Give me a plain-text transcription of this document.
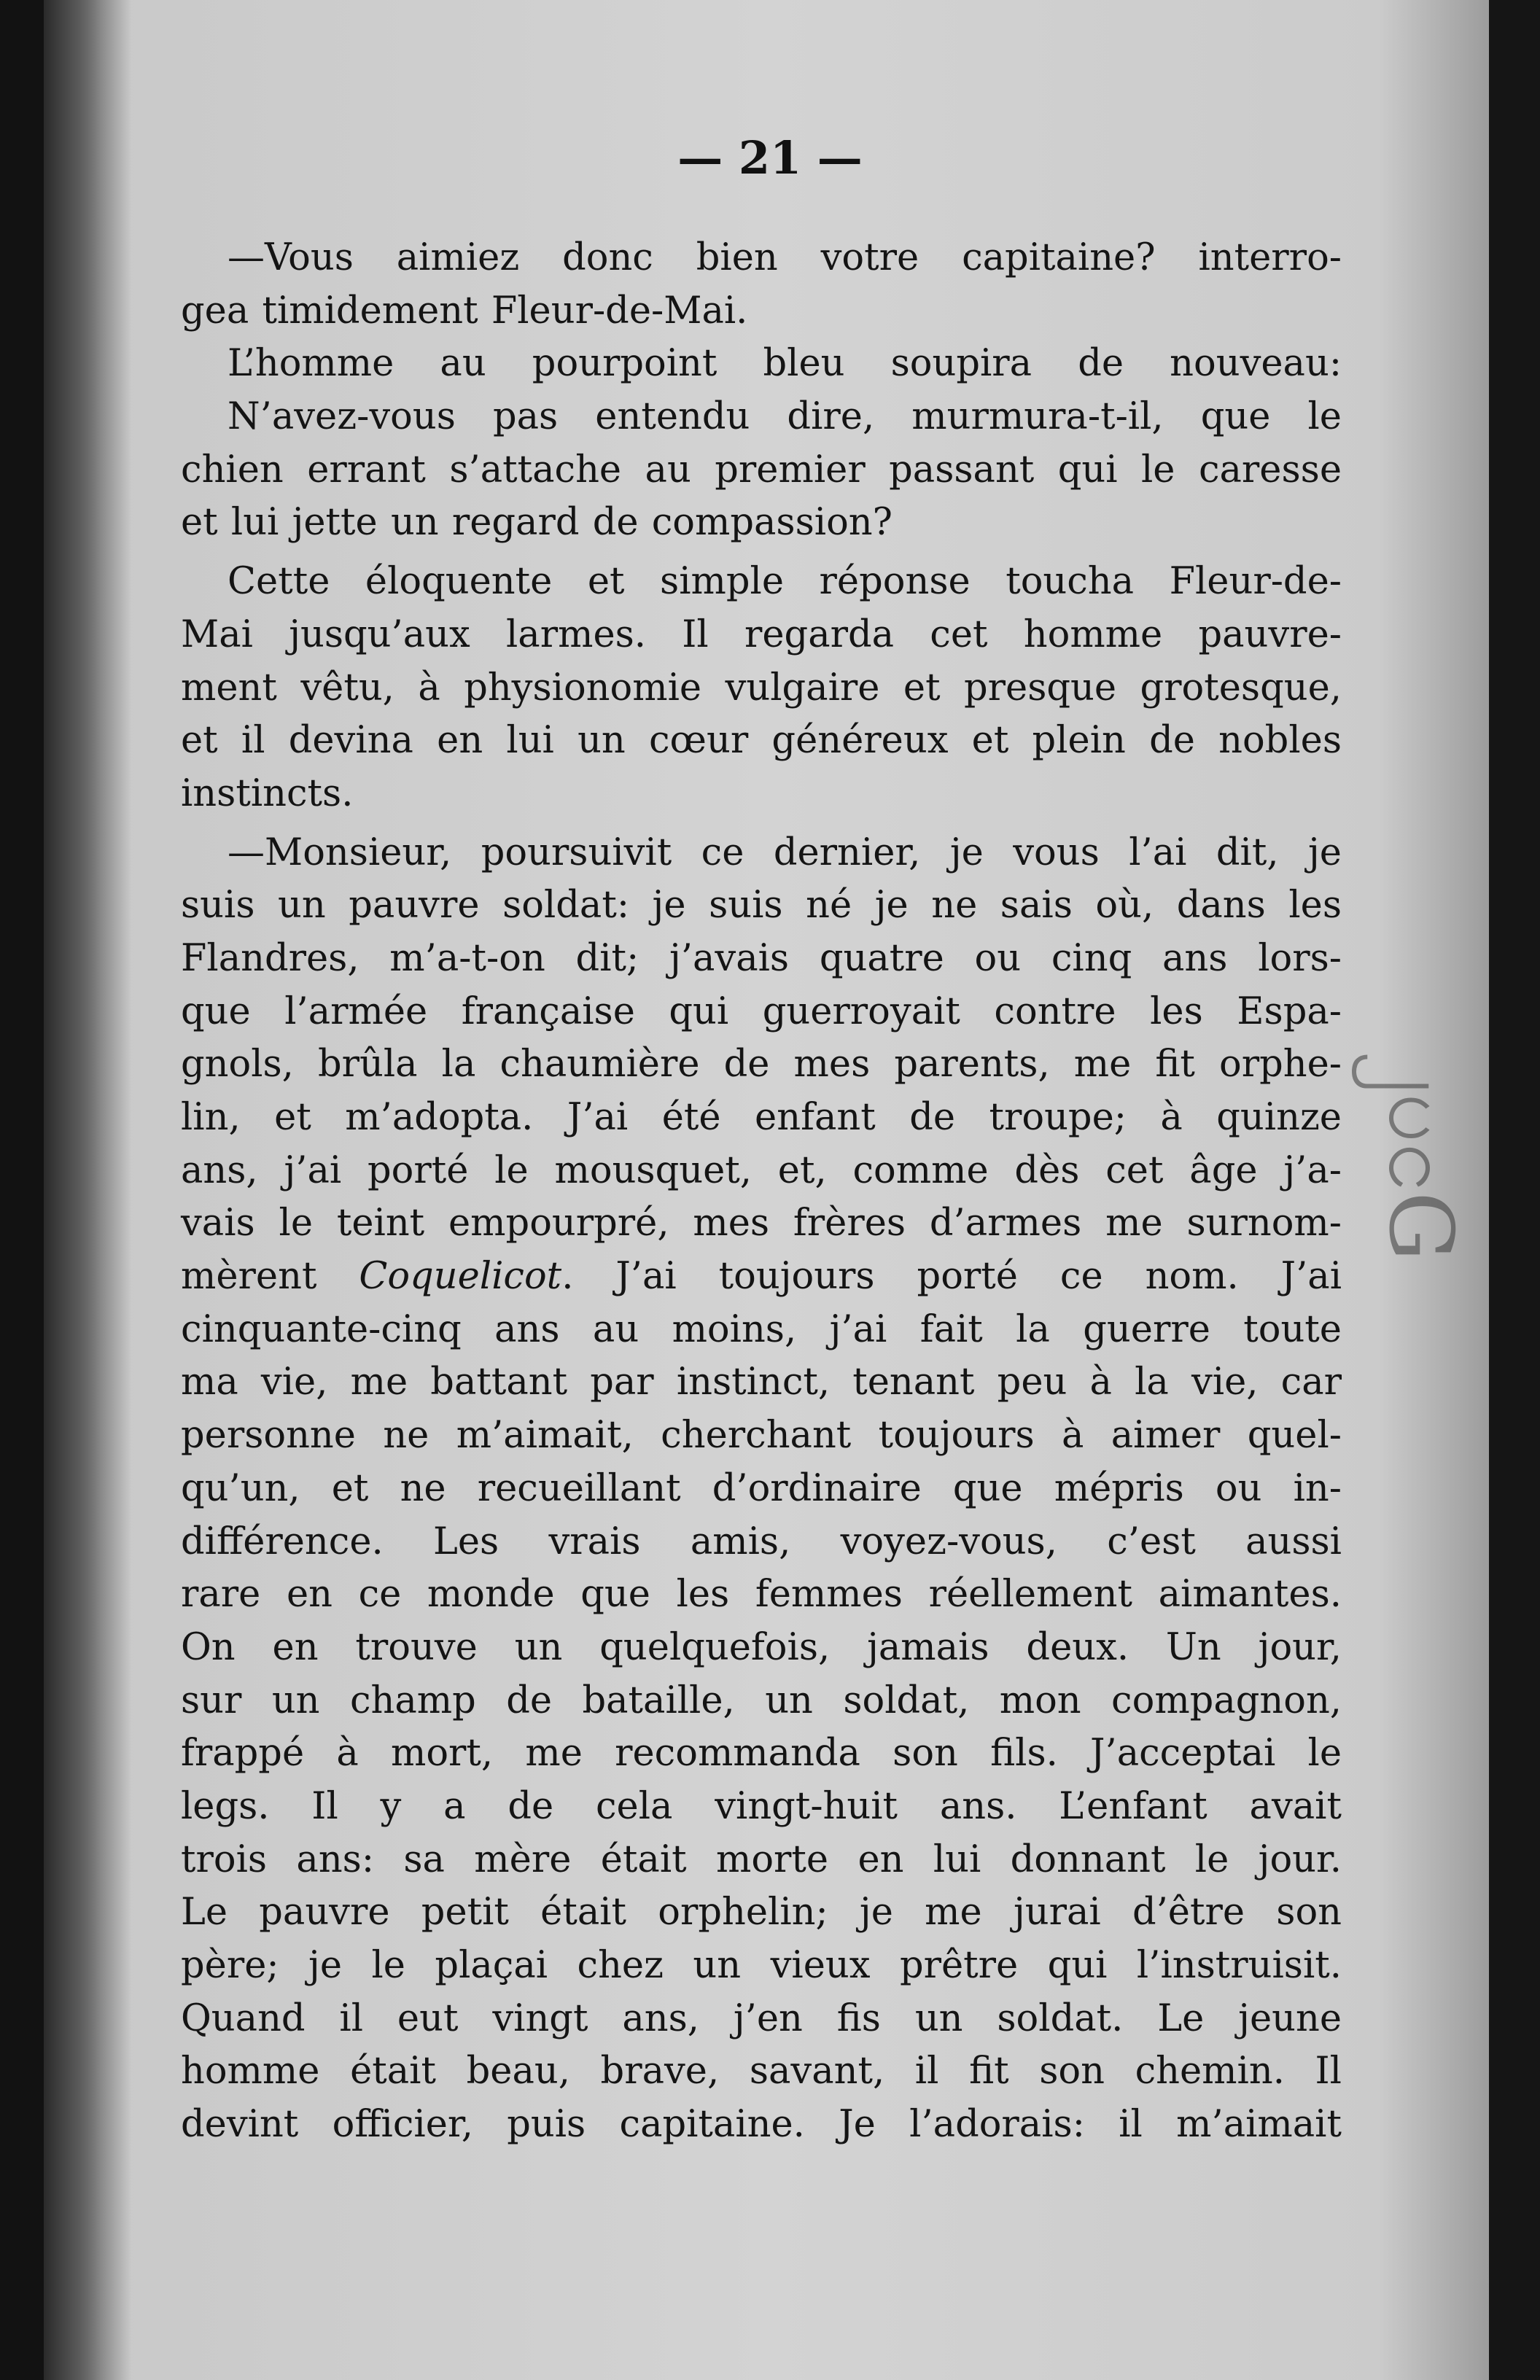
— 21 —
—Vous aimiez donc bien votre capitaine? interro-
gea timidement Fleur-de-Mai.
L’homme au pourpoint bleu soupira de nouveau:
N’avez-vous pas entendu dire, murmura-t-il, que le
chien errant s’attache au premier passant qui le caresse
et lui jette un regard de compassion?
Cette éloquente et simple réponse toucha Fleur-de-
Mai jusqu’aux larmes. Il regarda cet homme pauvre-
ment vêtu, à physionomie vulgaire et presque grotesque,
et il devina en lui un cœur généreux et plein de nobles
instincts.
—Monsieur, poursuivit ce dernier, je vous l’ai dit, je
suis un pauvre soldat: je suis né je ne sais où, dans les
Flandres, m’a-t-on dit; j’avais quatre ou cinq ans lors-
que l’armée française qui guerroyait contre les Espa-
gnols, brûla la chaumière de mes parents, me fit orphe-
lin, et m’adopta. J’ai été enfant de troupe; à quinze
ans, j’ai porté le mousquet, et, comme dès cet âge j’a-
vais le teint empourpré, mes frères d’armes me surnom-
mèrent Coquelicot. J’ai toujours porté ce nom. J’ai
cinquante-cinq ans au moins, j’ai fait la guerre toute
ma vie, me battant par instinct, tenant peu à la vie, car
personne ne m’aimait, cherchant toujours à aimer quel-
qu’un, et ne recueillant d’ordinaire que mépris ou in-
différence. Les vrais amis, voyez-vous, c’est aussi
rare en ce monde que les femmes réellement aimantes.
On en trouve un quelquefois, jamais deux. Un jour,
sur un champ de bataille, un soldat, mon compagnon,
frappé à mort, me recommanda son fils. J’acceptai le
legs. Il y a de cela vingt-huit ans. L’enfant avait
trois ans: sa mère était morte en lui donnant le jour.
Le pauvre petit était orphelin; je me jurai d’être son
père; je le plaçai chez un vieux prêtre qui l’instruisit.
Quand il eut vingt ans, j’en fis un soldat. Le jeune
homme était beau, brave, savant, il fit son chemin. Il
devint officier, puis capitaine. Je l’adorais: il m’aimait
